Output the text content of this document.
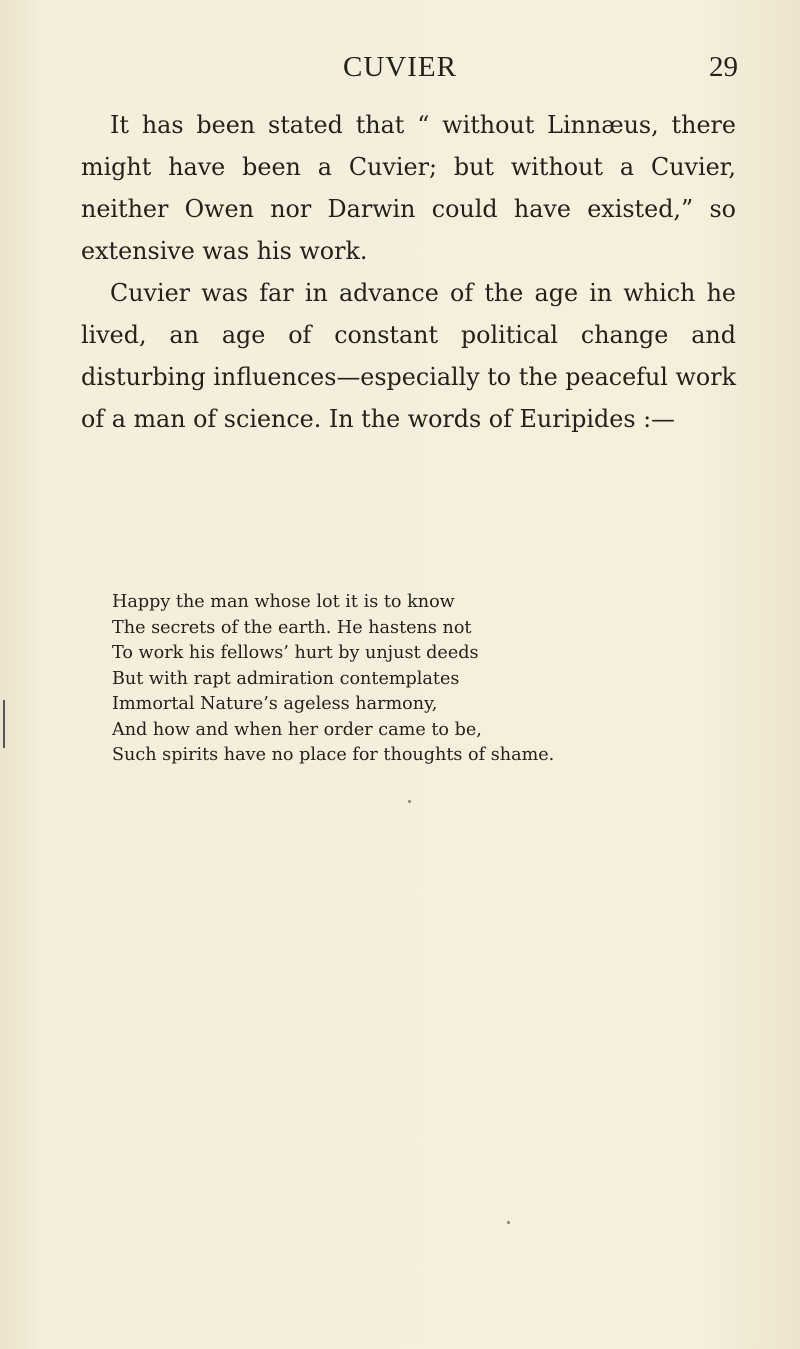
CUVIER	29

It has been stated that “ without Linnæus, there might have been a Cuvier; but without a Cuvier, neither Owen nor Darwin could have existed,” so extensive was his work.

Cuvier was far in advance of the age in which he lived, an age of constant political change and disturbing influences—especially to the peaceful work of a man of science. In the words of Euripides :—

Happy the man whose lot it is to know
The secrets of the earth. He hastens not
To work his fellows’ hurt by unjust deeds
But with rapt admiration contemplates
Immortal Nature’s ageless harmony,
And how and when her order came to be,
Such spirits have no place for thoughts of shame.
